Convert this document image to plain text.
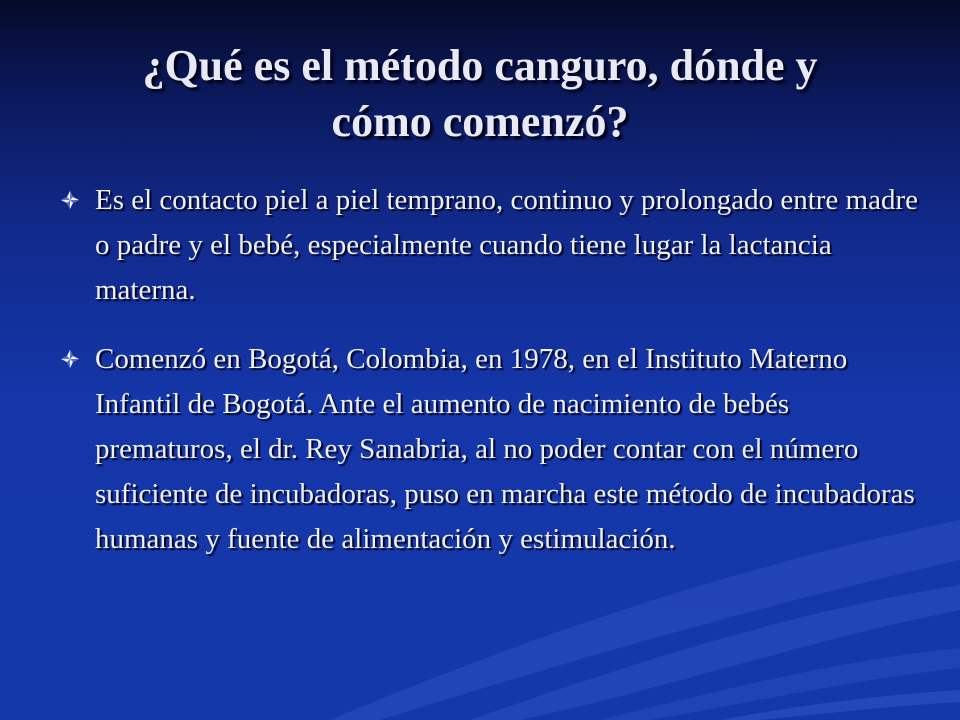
¿Qué es el método canguro, dónde y
cómo comenzó?
Es el contacto piel a piel temprano, continuo y prolongado entre madre o padre y el bebé, especialmente cuando tiene lugar la lactancia materna.
Comenzó en Bogotá, Colombia, en 1978, en el Instituto Materno Infantil de Bogotá. Ante el aumento de nacimiento de bebés prematuros, el dr. Rey Sanabria, al no poder contar con el número suficiente de incubadoras, puso en marcha este método de incubadoras humanas y fuente de alimentación y estimulación.
